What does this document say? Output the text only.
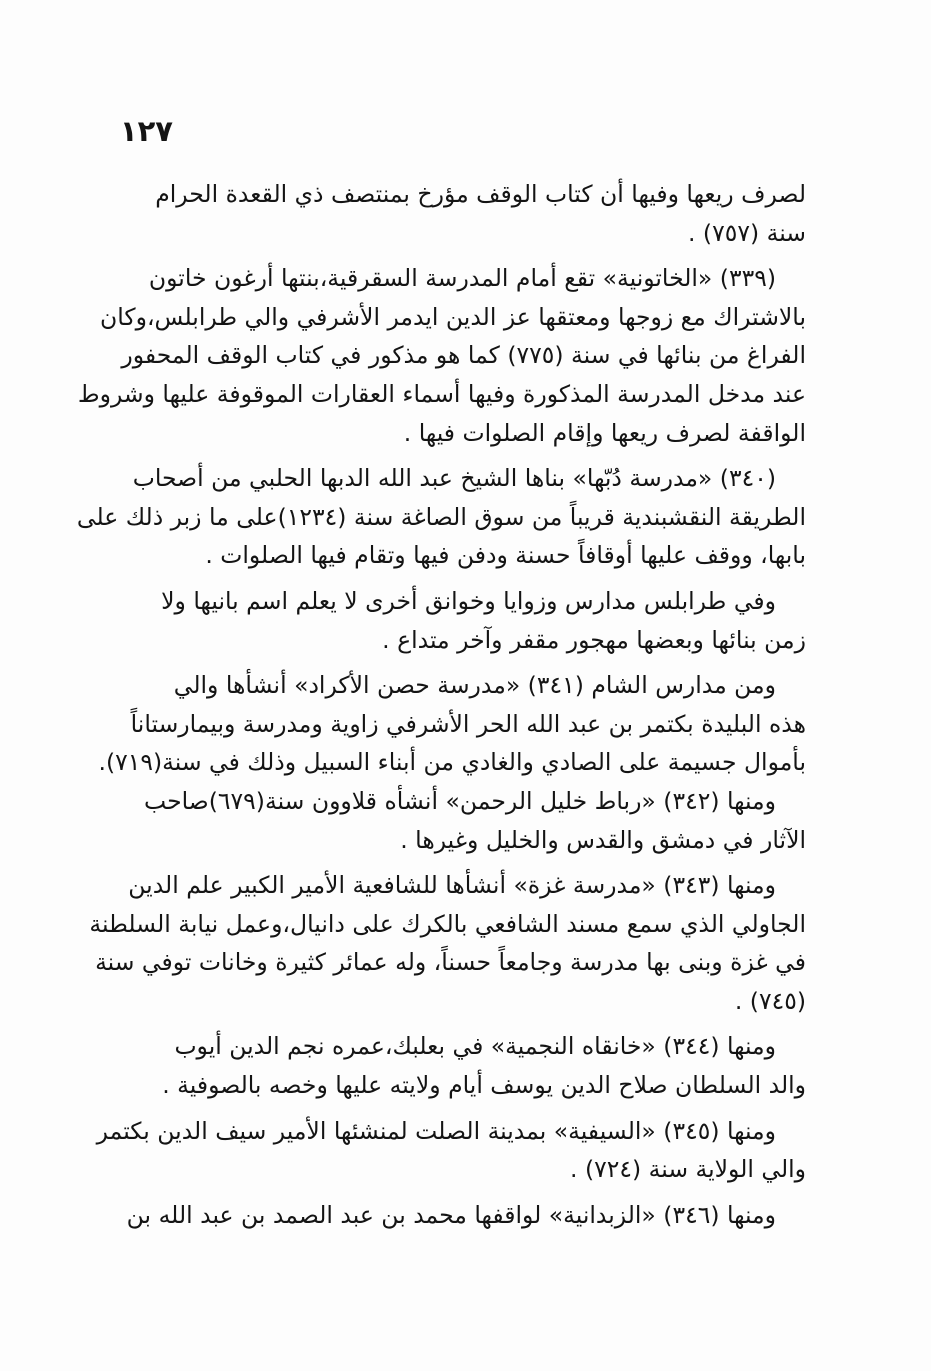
١٢٧
لصرف ريعها وفيها أن كتاب الوقف مؤرخ بمنتصف ذي القعدة الحرام
سنة (٧٥٧) .
(٣٣٩) «الخاتونية» تقع أمام المدرسة السقرقية،بنتها أرغون خاتون
بالاشتراك مع زوجها ومعتقها عز الدين ايدمر الأشرفي والي طرابلس،وكان
الفراغ من بنائها في سنة (٧٧٥) كما هو مذكور في كتاب الوقف المحفور
عند مدخل المدرسة المذكورة وفيها أسماء العقارات الموقوفة عليها وشروط
الواقفة لصرف ريعها وإقام الصلوات فيها .
(٣٤٠) «مدرسة دُبّها» بناها الشيخ عبد الله الدبها الحلبي من أصحاب
الطريقة النقشبندية قريباً من سوق الصاغة سنة (١٢٣٤)على ما زبر ذلك على
بابها، ووقف عليها أوقافاً حسنة ودفن فيها وتقام فيها الصلوات .
وفي طرابلس مدارس وزوايا وخوانق أخرى لا يعلم اسم بانيها ولا
زمن بنائها وبعضها مهجور مقفر وآخر متداع .
ومن مدارس الشام (٣٤١) «مدرسة حصن الأكراد» أنشأها والي
هذه البليدة بكتمر بن عبد الله الحر الأشرفي زاوية ومدرسة وبيمارستاناً
بأموال جسيمة على الصادي والغادي من أبناء السبيل وذلك في سنة(٧١٩).
ومنها (٣٤٢) «رباط خليل الرحمن» أنشأه قلاوون سنة(٦٧٩)صاحب
الآثار في دمشق والقدس والخليل وغيرها .
ومنها (٣٤٣) «مدرسة غزة» أنشأها للشافعية الأمير الكبير علم الدين
الجاولي الذي سمع مسند الشافعي بالكرك على دانيال،وعمل نيابة السلطنة
في غزة وبنى بها مدرسة وجامعاً حسناً، وله عمائر كثيرة وخانات توفي سنة
(٧٤٥) .
ومنها (٣٤٤) «خانقاه النجمية» في بعلبك،عمره نجم الدين أيوب
والد السلطان صلاح الدين يوسف أيام ولايته عليها وخصه بالصوفية .
ومنها (٣٤٥) «السيفية» بمدينة الصلت لمنشئها الأمير سيف الدين بكتمر
والي الولاية سنة (٧٢٤) .
ومنها (٣٤٦) «الزبدانية» لواقفها محمد بن عبد الصمد بن عبد الله بن
